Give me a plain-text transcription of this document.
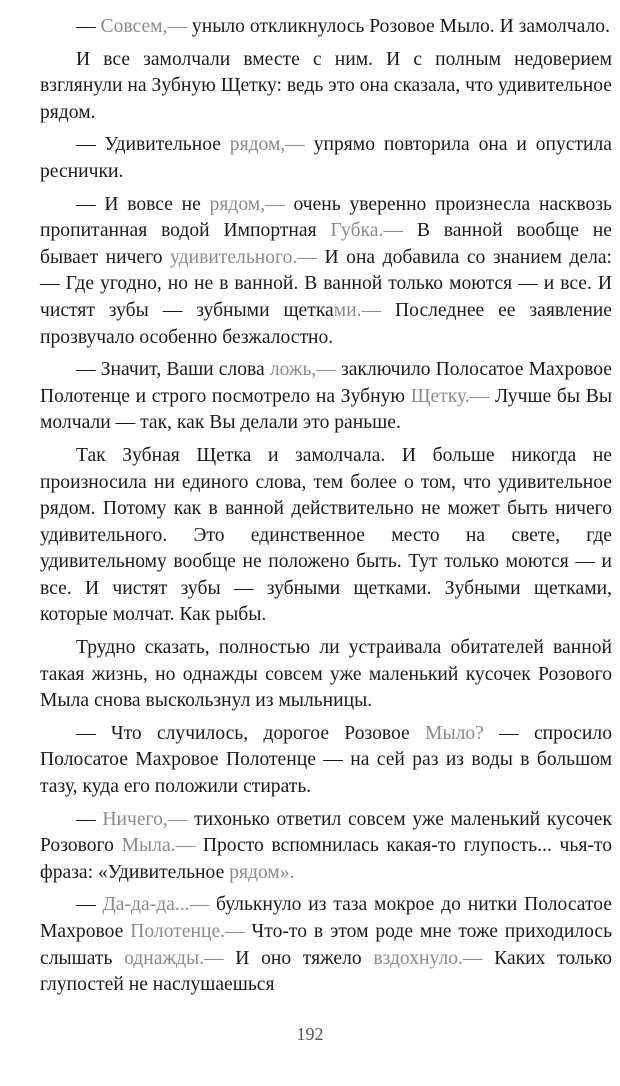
— Совсем,— уныло откликнулось Розовое Мыло. И замолчало.

И все замолчали вместе с ним. И с полным недоверием взглянули на Зубную Щетку: ведь это она сказала, что удивительное рядом.

— Удивительное рядом,— упрямо повторила она и опустила реснички.

— И вовсе не рядом,— очень уверенно произнесла насквозь пропитанная водой Импортная Губка.— В ванной вообще не бывает ничего удивительного.— И она добавила со знанием дела: — Где угодно, но не в ванной. В ванной только моются — и все. И чистят зубы — зубными щетками.— Последнее ее заявление прозвучало особенно безжалостно.

— Значит, Ваши слова ложь,— заключило Полосатое Махровое Полотенце и строго посмотрело на Зубную Щетку.— Лучше бы Вы молчали — так, как Вы делали это раньше.

Так Зубная Щетка и замолчала. И больше никогда не произносила ни единого слова, тем более о том, что удивительное рядом. Потому как в ванной действительно не может быть ничего удивительного. Это единственное место на свете, где удивительному вообще не положено быть. Тут только моются — и все. И чистят зубы — зубными щетками. Зубными щетками, которые молчат. Как рыбы.

Трудно сказать, полностью ли устраивала обитателей ванной такая жизнь, но однажды совсем уже маленький кусочек Розового Мыла снова выскользнул из мыльницы.

— Что случилось, дорогое Розовое Мыло? — спросило Полосатое Махровое Полотенце — на сей раз из воды в большом тазу, куда его положили стирать.

— Ничего,— тихонько ответил совсем уже маленький кусочек Розового Мыла.— Просто вспомнилась какая-то глупость... чья-то фраза: «Удивительное рядом».

— Да-да-да...— булькнуло из таза мокрое до нитки Полосатое Махровое Полотенце.— Что-то в этом роде мне тоже приходилось слышать однажды.— И оно тяжело вздохнуло.— Каких только глупостей не наслушаешься

192
